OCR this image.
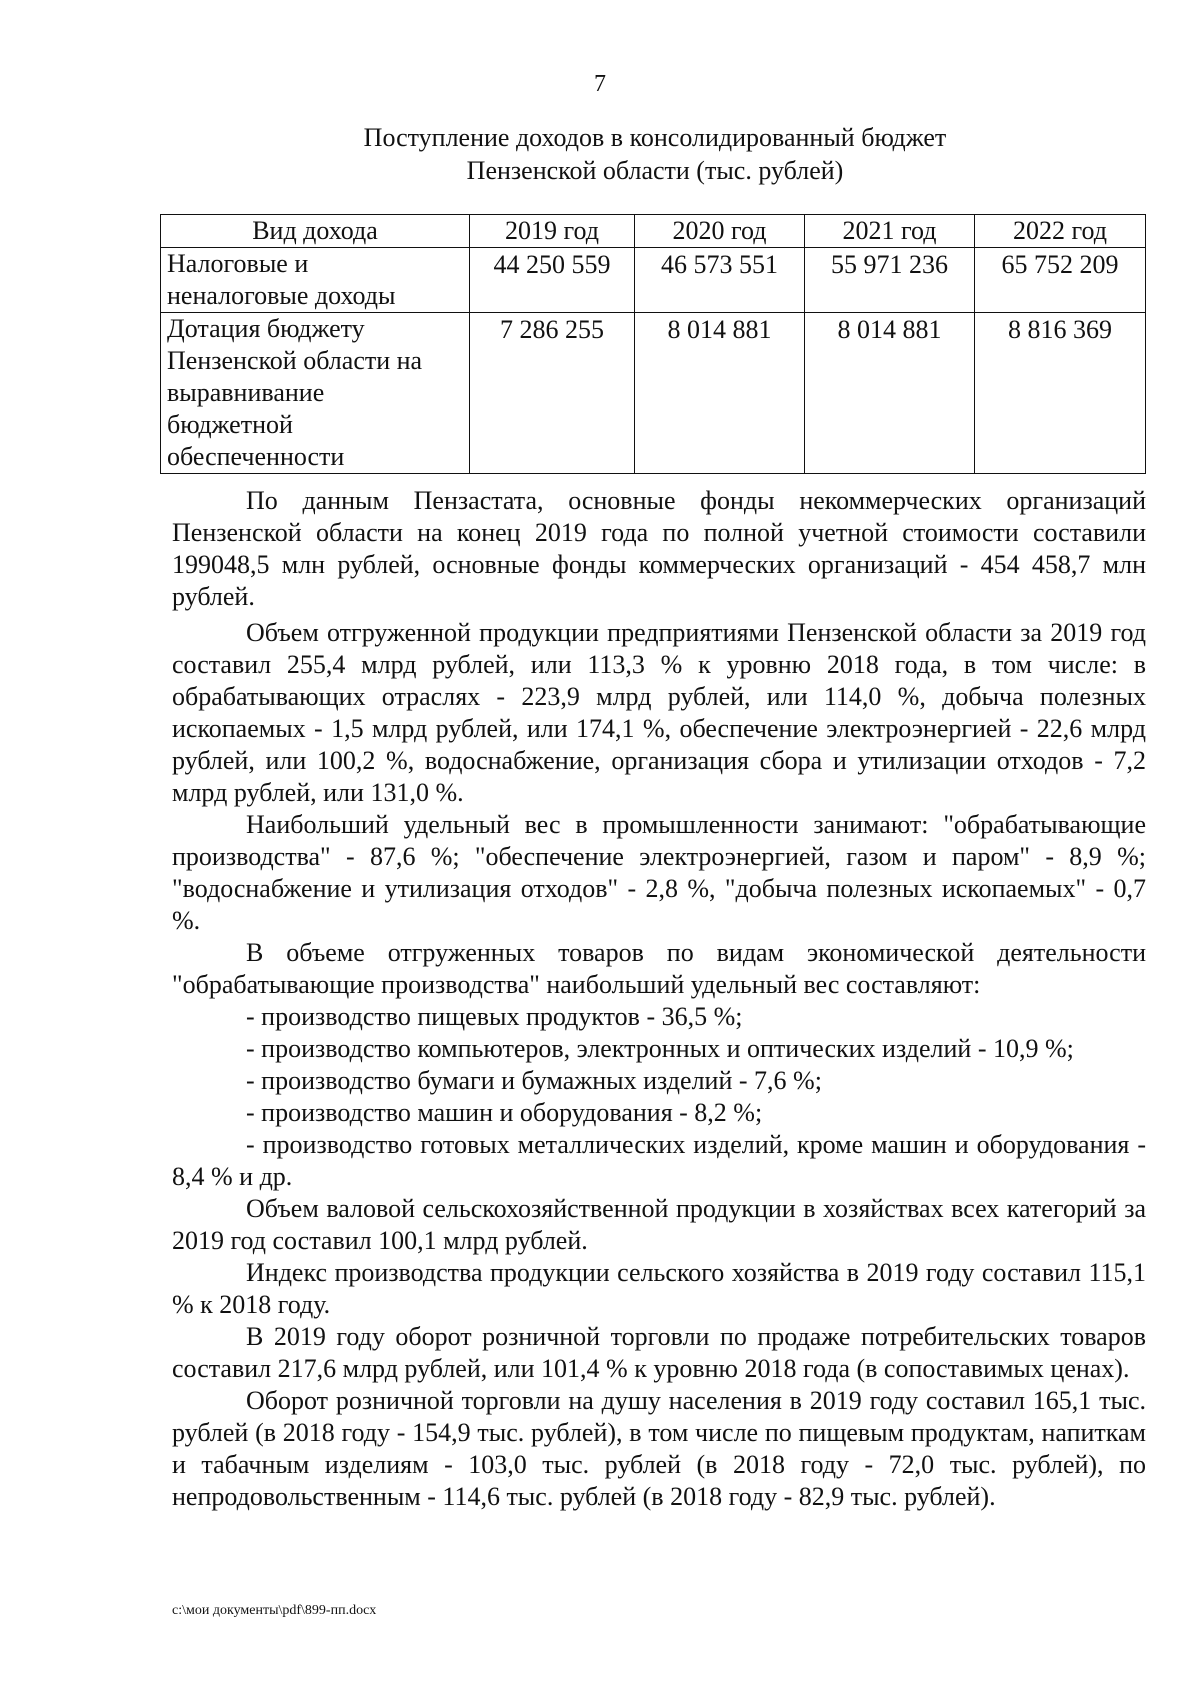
7
Поступление доходов в консолидированный бюджет
Пензенской области (тыс. рублей)
Вид дохода	2019 год	2020 год	2021 год	2022 год
Налоговые и неналоговые доходы	44 250 559	46 573 551	55 971 236	65 752 209
Дотация бюджету Пензенской области на выравнивание бюджетной обеспеченности	7 286 255	8 014 881	8 014 881	8 816 369

По данным Пензастата, основные фонды некоммерческих организаций Пензенской области на конец 2019 года по полной учетной стоимости составили 199048,5 млн рублей, основные фонды коммерческих организаций - 454 458,7 млн рублей.

Объем отгруженной продукции предприятиями Пензенской области за 2019 год составил 255,4 млрд рублей, или 113,3 % к уровню 2018 года, в том числе: в обрабатывающих отраслях - 223,9 млрд рублей, или 114,0 %, добыча полезных ископаемых - 1,5 млрд рублей, или 174,1 %, обеспечение электроэнергией - 22,6 млрд рублей, или 100,2 %, водоснабжение, организация сбора и утилизации отходов - 7,2 млрд рублей, или 131,0 %.

Наибольший удельный вес в промышленности занимают: "обрабатывающие производства" - 87,6 %; "обеспечение электроэнергией, газом и паром" - 8,9 %; "водоснабжение и утилизация отходов" - 2,8 %, "добыча полезных ископаемых" - 0,7 %.

В объеме отгруженных товаров по видам экономической деятельности "обрабатывающие производства" наибольший удельный вес составляют:

- производство пищевых продуктов - 36,5 %;

- производство компьютеров, электронных и оптических изделий - 10,9 %;

- производство бумаги и бумажных изделий - 7,6 %;

- производство машин и оборудования - 8,2 %;

- производство готовых металлических изделий, кроме машин и оборудования - 8,4 % и др.

Объем валовой сельскохозяйственной продукции в хозяйствах всех категорий за 2019 год составил 100,1 млрд рублей.

Индекс производства продукции сельского хозяйства в 2019 году составил 115,1 % к 2018 году.

В 2019 году оборот розничной торговли по продаже потребительских товаров составил 217,6 млрд рублей, или 101,4 % к уровню 2018 года (в сопоставимых ценах).

Оборот розничной торговли на душу населения в 2019 году составил 165,1 тыс. рублей (в 2018 году - 154,9 тыс. рублей), в том числе по пищевым продуктам, напиткам и табачным изделиям - 103,0 тыс. рублей (в 2018 году - 72,0 тыс. рублей), по непродовольственным - 114,6 тыс. рублей (в 2018 году - 82,9 тыс. рублей).

c:\мои документы\pdf\899-пп.docx
